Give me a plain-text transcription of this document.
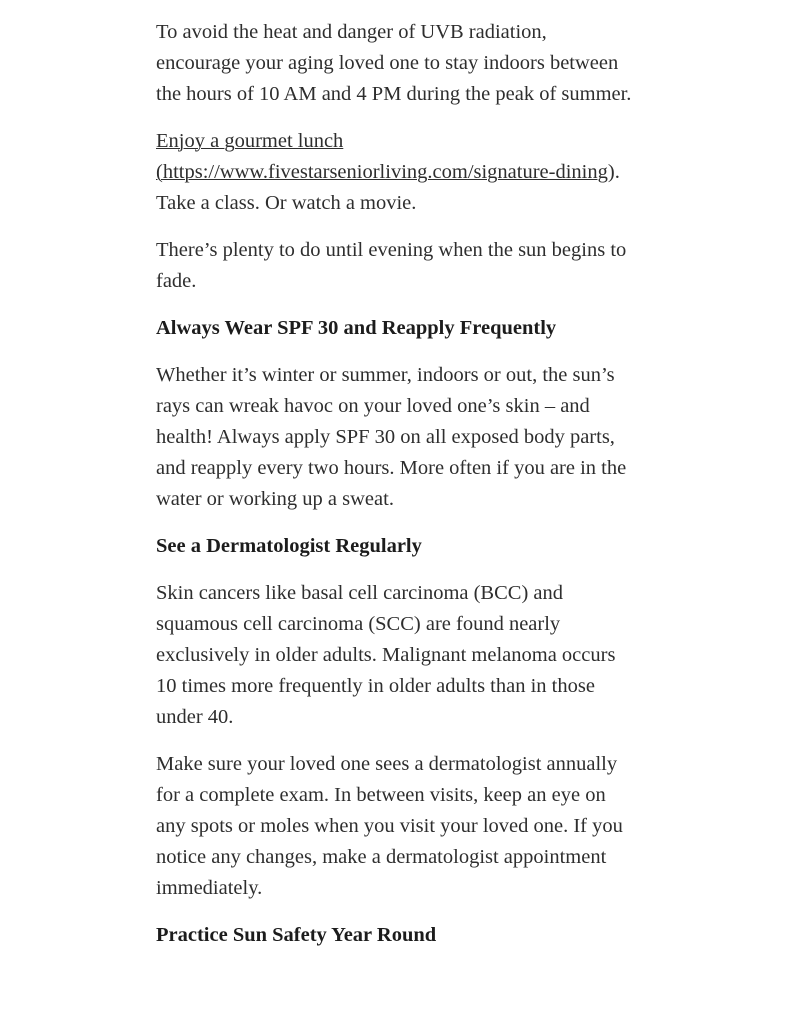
To avoid the heat and danger of UVB radiation, encourage your aging loved one to stay indoors between the hours of 10 AM and 4 PM during the peak of summer.

Enjoy a gourmet lunch (https://www.fivestarseniorliving.com/signature-dining). Take a class. Or watch a movie.

There’s plenty to do until evening when the sun begins to fade.

Always Wear SPF 30 and Reapply Frequently

Whether it’s winter or summer, indoors or out, the sun’s rays can wreak havoc on your loved one’s skin – and health! Always apply SPF 30 on all exposed body parts, and reapply every two hours. More often if you are in the water or working up a sweat.

See a Dermatologist Regularly

Skin cancers like basal cell carcinoma (BCC) and squamous cell carcinoma (SCC) are found nearly exclusively in older adults. Malignant melanoma occurs 10 times more frequently in older adults than in those under 40.

Make sure your loved one sees a dermatologist annually for a complete exam. In between visits, keep an eye on any spots or moles when you visit your loved one. If you notice any changes, make a dermatologist appointment immediately.

Practice Sun Safety Year Round
